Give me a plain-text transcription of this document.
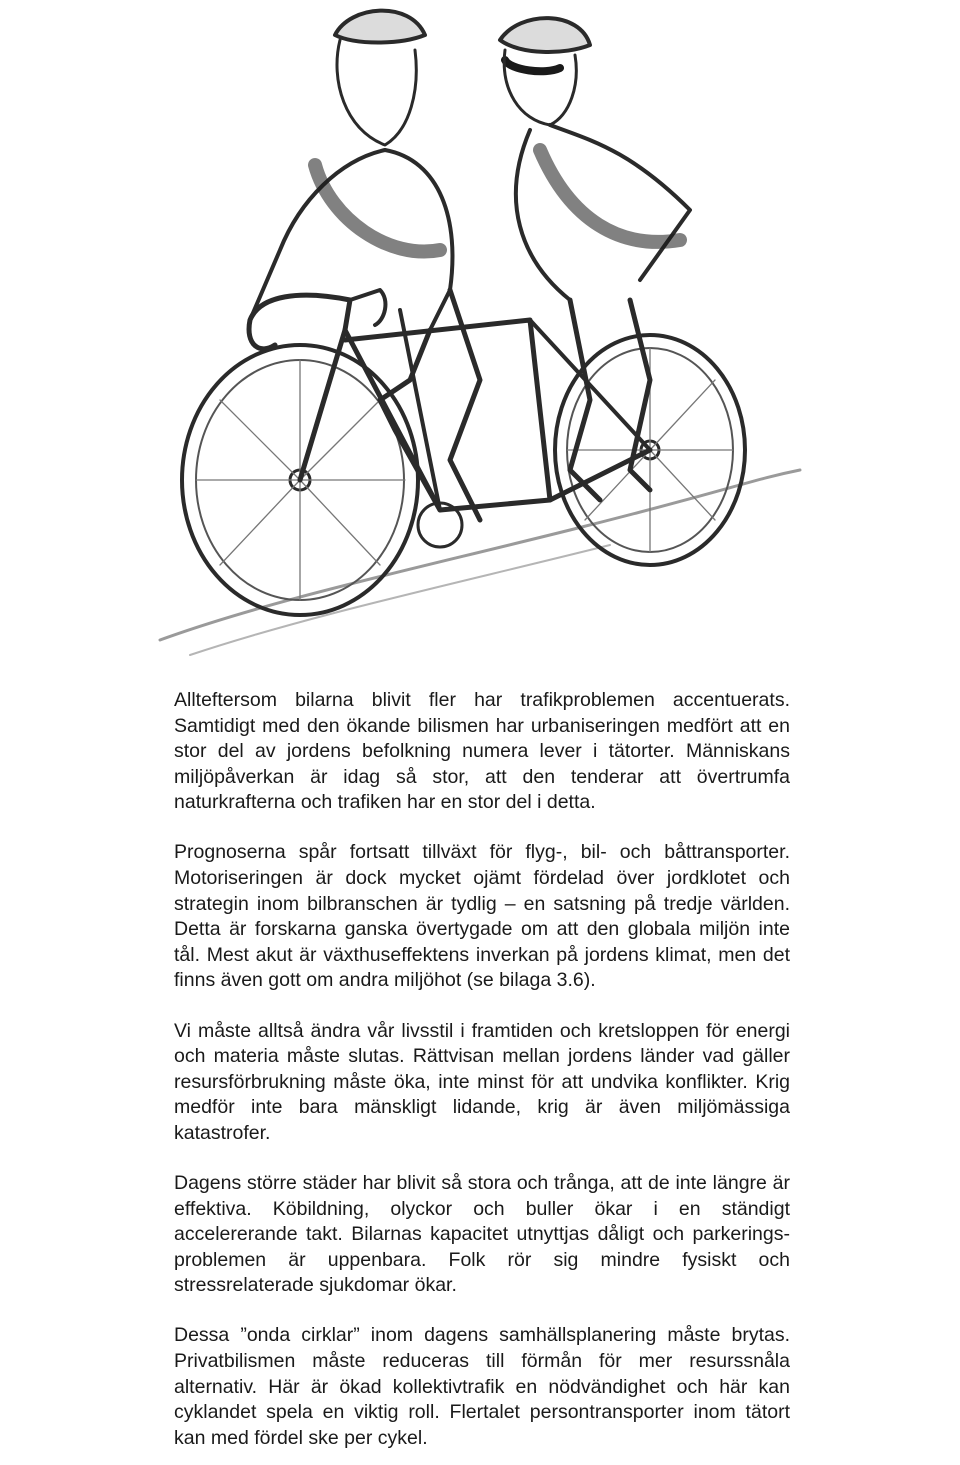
Allteftersom bilarna blivit fler har trafikproblemen accentuerats. Samtidigt med den ökande bilismen har urbaniseringen medfört att en stor del av jordens befolkning numera lever i tätorter. Människans miljöpåverkan är idag så stor, att den tenderar att övertrumfa naturkrafterna och trafiken har en stor del i detta.

Prognoserna spår fortsatt tillväxt för flyg-, bil- och båttransporter. Motoriseringen är dock mycket ojämt fördelad över jordklotet och strategin inom bilbranschen är tydlig – en satsning på tredje världen. Detta är forskarna ganska övertygade om att den globala miljön inte tål. Mest akut är växthuseffektens inverkan på jordens klimat, men det finns även gott om andra miljöhot (se bilaga 3.6).

Vi måste alltså ändra vår livsstil i framtiden och kretsloppen för energi och materia måste slutas. Rättvisan mellan jordens länder vad gäller resursförbrukning måste öka, inte minst för att undvika konflikter. Krig medför inte bara mänskligt lidande, krig är även miljömässiga katastrofer.

Dagens större städer har blivit så stora och trånga, att de inte längre är effektiva. Köbildning, olyckor och buller ökar i en ständigt accelererande takt. Bilarnas kapacitet utnyttjas dåligt och parkerings-problemen är uppenbara. Folk rör sig mindre fysiskt och stressrelaterade sjukdomar ökar.

Dessa ”onda cirklar” inom dagens samhällsplanering måste brytas. Privatbilismen måste reduceras till förmån för mer resurssnåla alternativ. Här är ökad kollektivtrafik en nödvändighet och här kan cyklandet spela en viktig roll. Flertalet persontransporter inom tätort kan med fördel ske per cykel.
